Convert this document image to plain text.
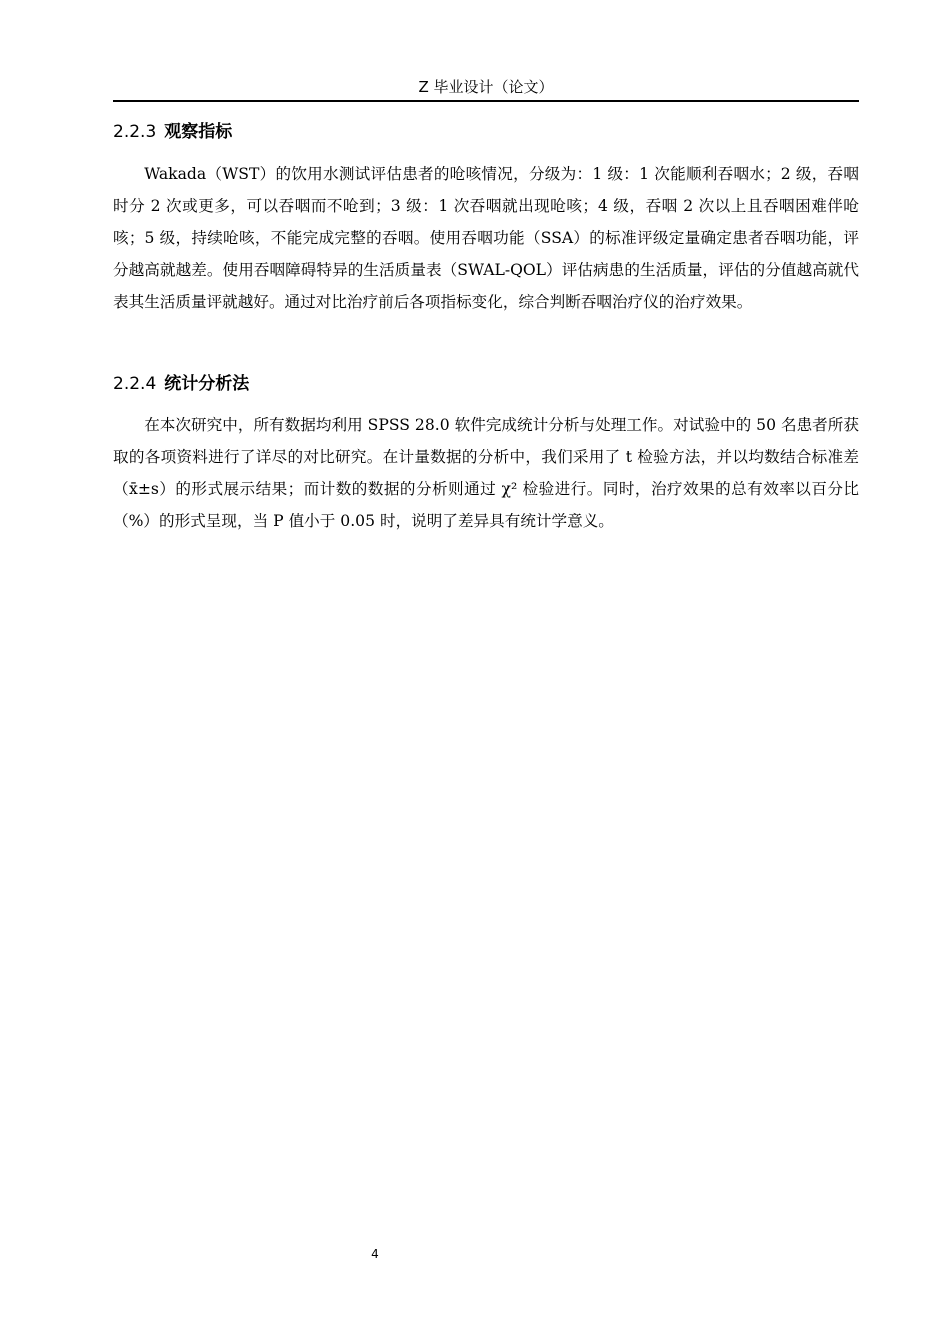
Z 毕业设计（论文）
2.2.3 观察指标

Wakada（WST）的饮用水测试评估患者的呛咳情况，分级为：1 级：1 次能顺利吞咽水；2 级，吞咽时分 2 次或更多，可以吞咽而不呛到；3 级：1 次吞咽就出现呛咳；4 级，吞咽 2 次以上且吞咽困难伴呛咳；5 级，持续呛咳，不能完成完整的吞咽。使用吞咽功能（SSA）的标准评级定量确定患者吞咽功能，评分越高就越差。使用吞咽障碍特异的生活质量表（SWAL-QOL）评估病患的生活质量，评估的分值越高就代表其生活质量评就越好。通过对比治疗前后各项指标变化，综合判断吞咽治疗仪的治疗效果。

2.2.4 统计分析法

在本次研究中，所有数据均利用 SPSS 28.0 软件完成统计分析与处理工作。对试验中的 50 名患者所获取的各项资料进行了详尽的对比研究。在计量数据的分析中，我们采用了 t 检验方法，并以均数结合标准差（x̄±s）的形式展示结果；而计数的数据的分析则通过 χ² 检验进行。同时，治疗效果的总有效率以百分比（%）的形式呈现，当 P 值小于 0.05 时，说明了差异具有统计学意义。

4
